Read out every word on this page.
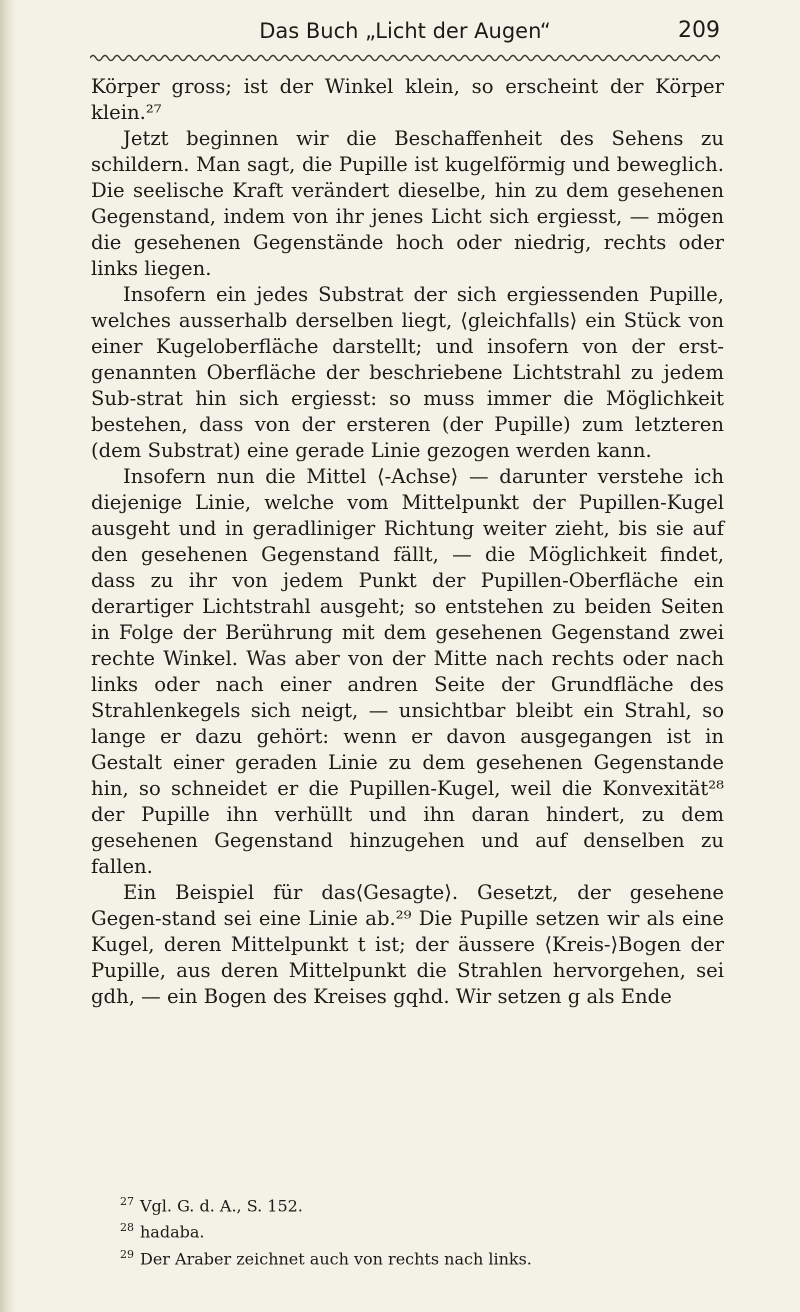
Das Buch „Licht der Augen“	209

Körper gross; ist der Winkel klein, so erscheint der Körper klein.²⁷

Jetzt beginnen wir die Beschaffenheit des Sehens zu schildern. Man sagt, die Pupille ist kugelförmig und beweglich. Die seelische Kraft verändert dieselbe, hin zu dem gesehenen Gegenstand, indem von ihr jenes Licht sich ergiesst, — mögen die gesehenen Gegenstände hoch oder niedrig, rechts oder links liegen.

Insofern ein jedes Substrat der sich ergiessenden Pupille, welches ausserhalb derselben liegt, ⟨gleichfalls⟩ ein Stück von einer Kugeloberfläche darstellt; und insofern von der erst-genannten Oberfläche der beschriebene Lichtstrahl zu jedem Sub-strat hin sich ergiesst: so muss immer die Möglichkeit bestehen, dass von der ersteren (der Pupille) zum letzteren (dem Substrat) eine gerade Linie gezogen werden kann.

Insofern nun die Mittel ⟨-Achse⟩ — darunter verstehe ich diejenige Linie, welche vom Mittelpunkt der Pupillen-Kugel ausgeht und in geradliniger Richtung weiter zieht, bis sie auf den gesehenen Gegenstand fällt, — die Möglichkeit findet, dass zu ihr von jedem Punkt der Pupillen-Oberfläche ein derartiger Lichtstrahl ausgeht; so entstehen zu beiden Seiten in Folge der Berührung mit dem gesehenen Gegenstand zwei rechte Winkel. Was aber von der Mitte nach rechts oder nach links oder nach einer andren Seite der Grundfläche des Strahlenkegels sich neigt, — unsichtbar bleibt ein Strahl, so lange er dazu gehört: wenn er davon ausgegangen ist in Gestalt einer geraden Linie zu dem gesehenen Gegenstande hin, so schneidet er die Pupillen-Kugel, weil die Konvexität²⁸ der Pupille ihn verhüllt und ihn daran hindert, zu dem gesehenen Gegenstand hinzugehen und auf denselben zu fallen.

Ein Beispiel für das⟨Gesagte⟩. Gesetzt, der gesehene Gegen-stand sei eine Linie ab.²⁹ Die Pupille setzen wir als eine Kugel, deren Mittelpunkt t ist; der äussere ⟨Kreis-⟩Bogen der Pupille, aus deren Mittelpunkt die Strahlen hervorgehen, sei gdh, — ein Bogen des Kreises gqhd. Wir setzen g als Ende

$^{27}$ Vgl. G. d. A., S. 152.
$^{28}$ hadaba.
$^{29}$ Der Araber zeichnet auch von rechts nach links.
